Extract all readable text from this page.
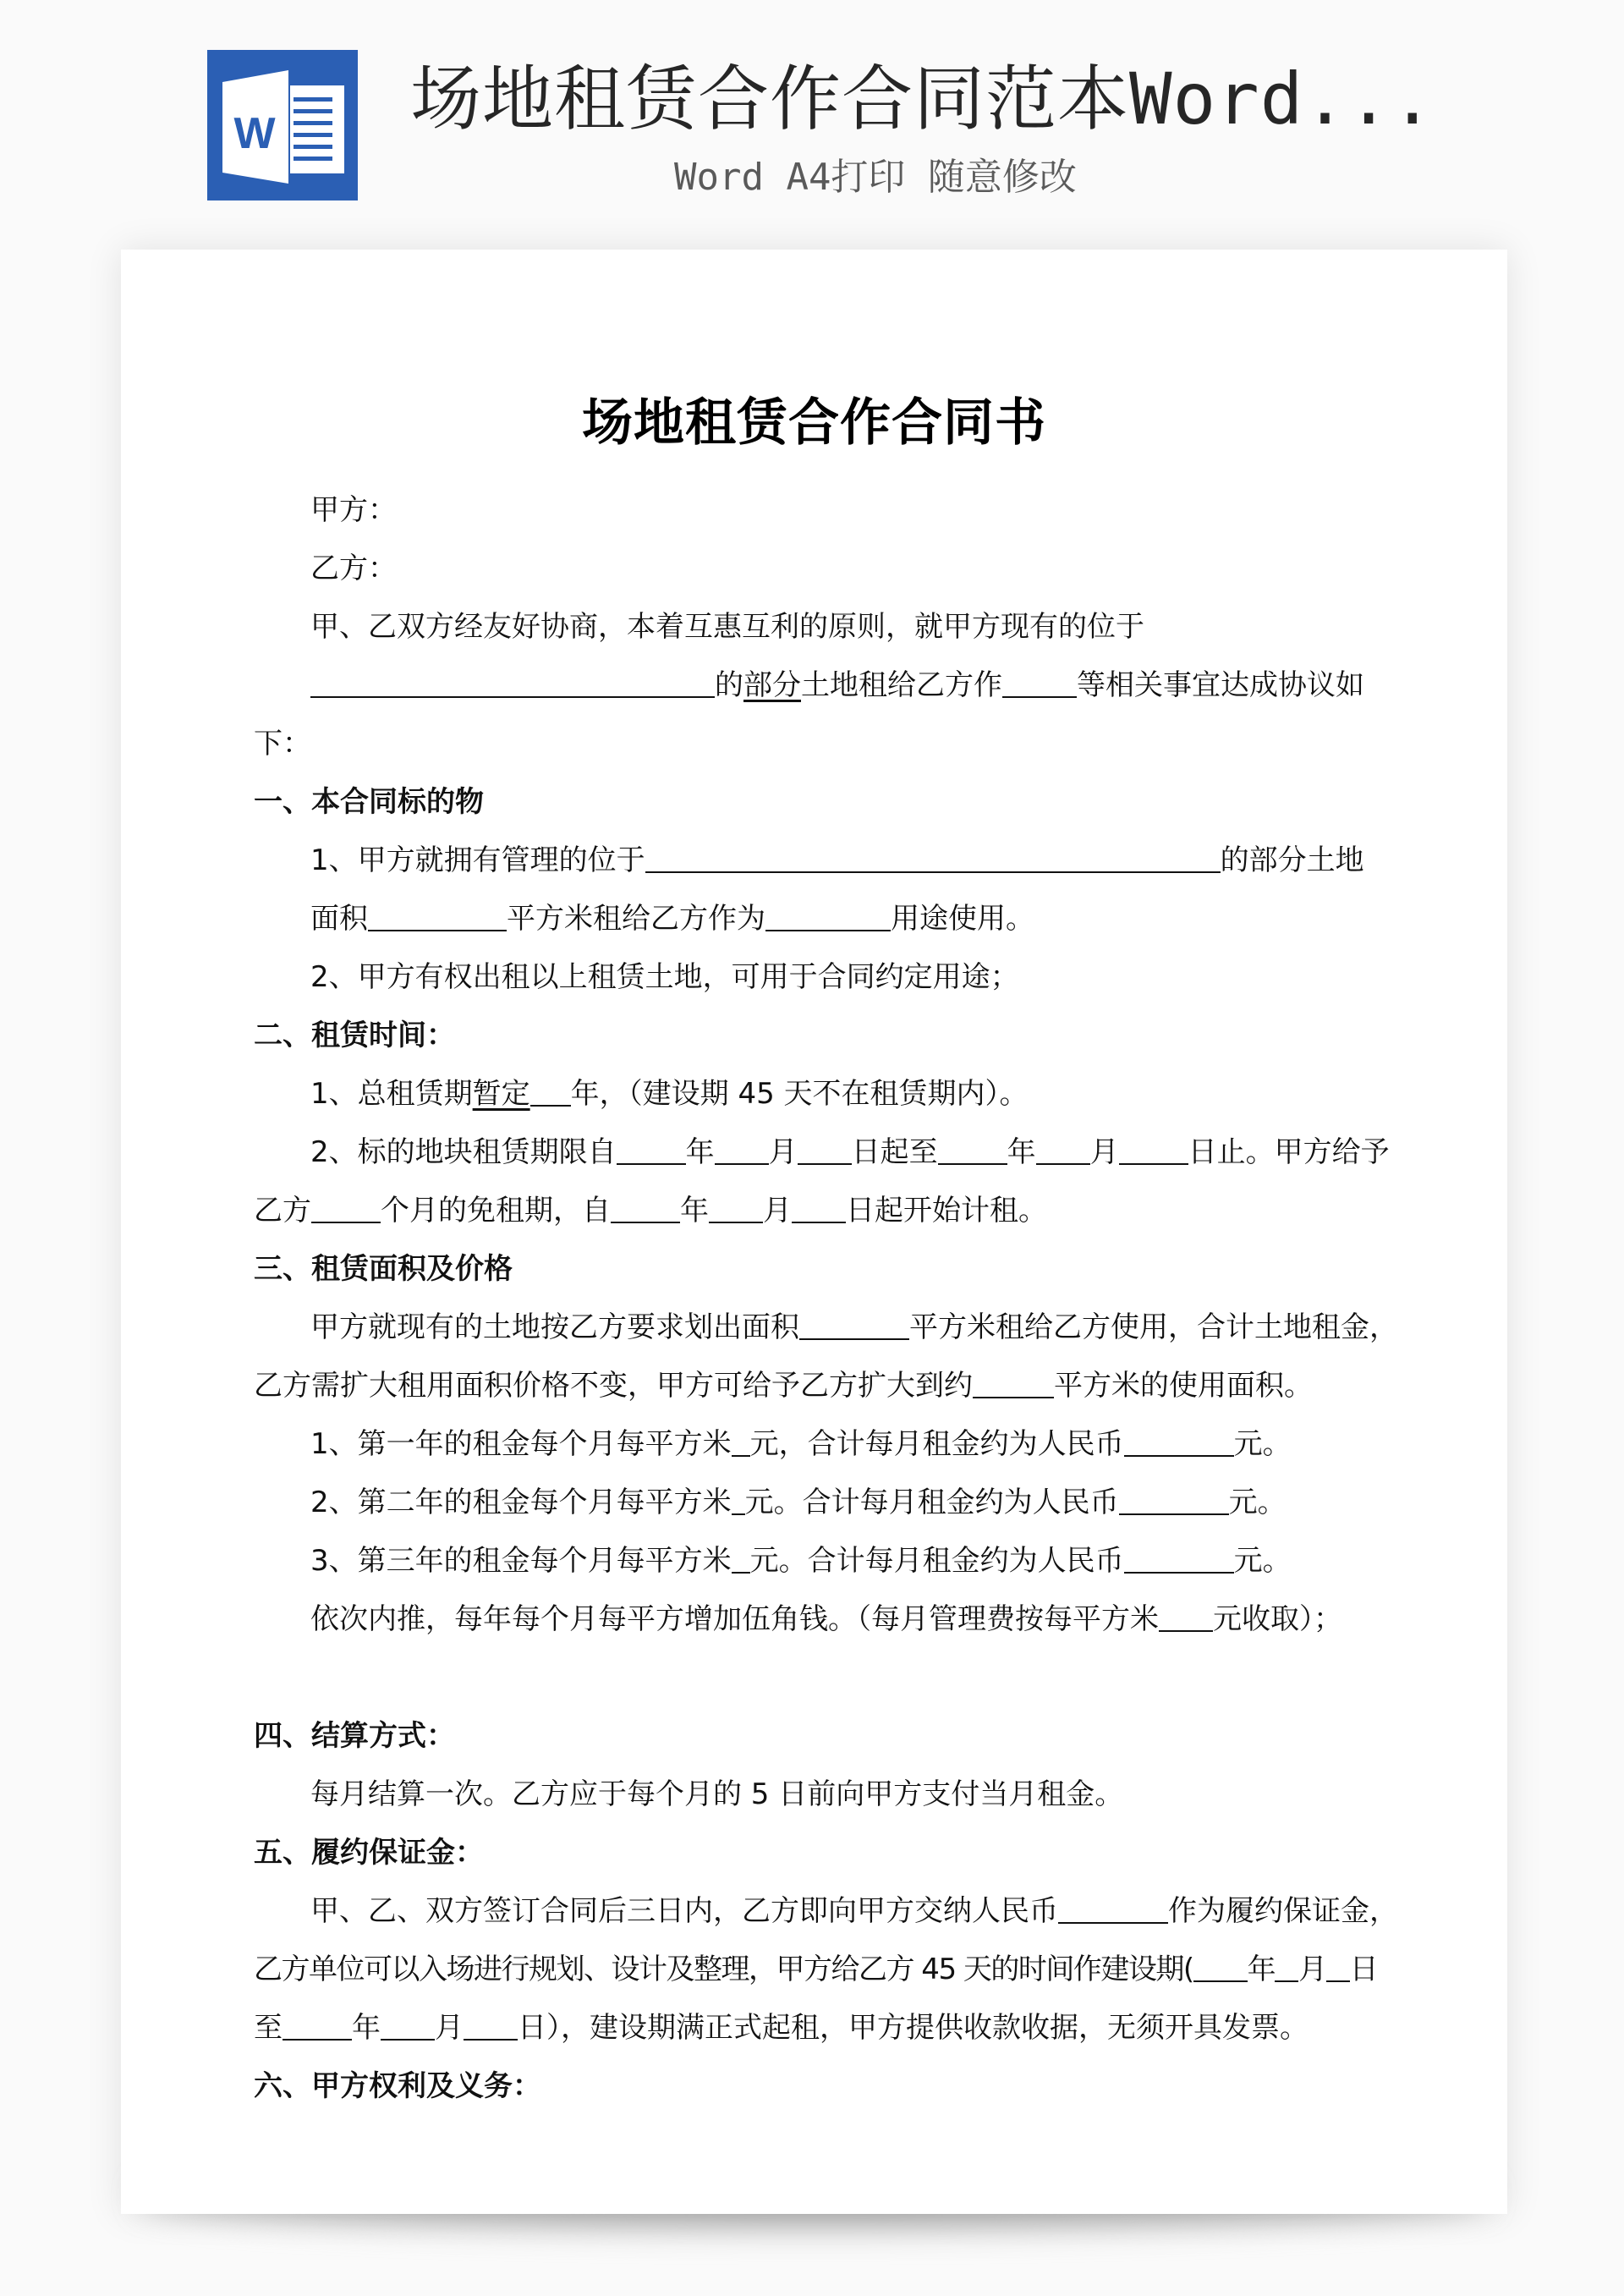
W 场地租赁合作合同范本Word...
Word A4打印 随意修改
场地租赁合作合同书
甲方：
乙方：
甲、乙双方经友好协商，本着互惠互利的原则，就甲方现有的位于
的部分土地租给乙方作	等相关事宜达成协议如
下：
一、本合同标的物
1、甲方就拥有管理的位于	的部分土地
面积	平方米租给乙方作为	用途使用。
2、甲方有权出租以上租赁土地，可用于合同约定用途；
二、租赁时间：
1、总租赁期暂定 年，（建设期 45 天不在租赁期内）。
2、标的地块租赁期限自 年 月 日起至 年 月 日止。甲方给予
乙方 个月的免租期，自 年 月 日起开始计租。
三、租赁面积及价格
甲方就现有的土地按乙方要求划出面积	平方米租给乙方使用，合计土地租金，
乙方需扩大租用面积价格不变，甲方可给予乙方扩大到约	平方米的使用面积。
1、第一年的租金每个月每平方米 元，合计每月租金约为人民币	元。
2、第二年的租金每个月每平方米 元。合计每月租金约为人民币	元。
3、第三年的租金每个月每平方米 元。合计每月租金约为人民币	元。
依次内推，每年每个月每平方增加伍角钱。（每月管理费按每平方米 元收取）；
四、结算方式：
每月结算一次。乙方应于每个月的 5 日前向甲方支付当月租金。
五、履约保证金：
甲、乙、双方签订合同后三日内，乙方即向甲方交纳人民币	作为履约保证金，
乙方单位可以入场进行规划、设计及整理，甲方给乙方 45 天的时间作建设期( 年 月 日
至 年 月 日），建设期满正式起租，甲方提供收款收据，无须开具发票。
六、甲方权利及义务：
